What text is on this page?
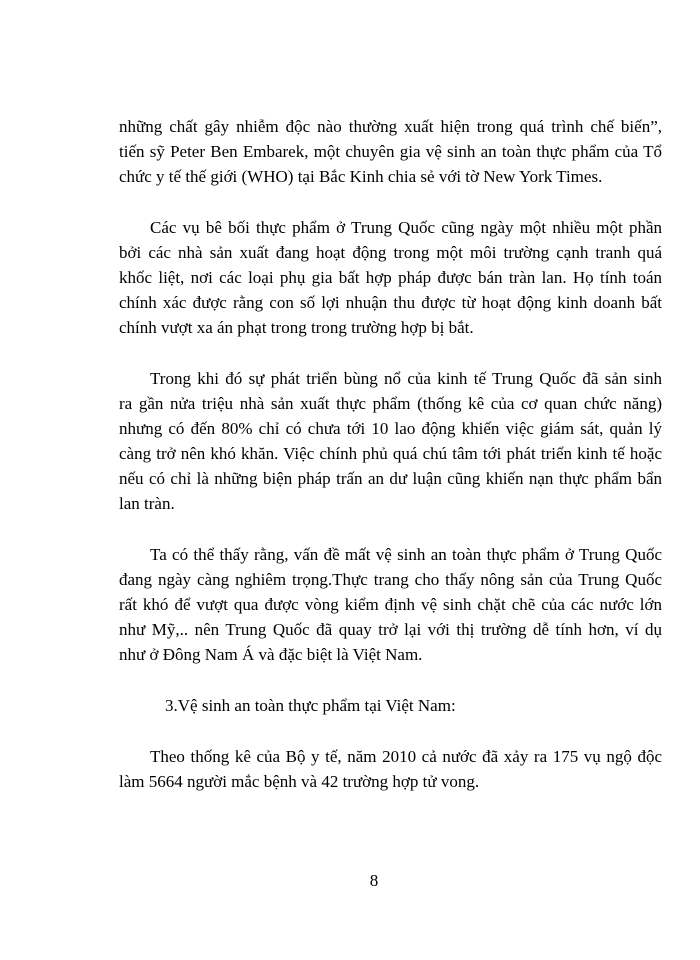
những chất gây nhiễm độc nào thường xuất hiện trong quá trình chế biến”,
tiến sỹ Peter Ben Embarek, một chuyên gia vệ sinh an toàn thực phẩm của Tổ
chức y tế thế giới (WHO) tại Bắc Kinh chia sẻ với tờ New York Times.
Các vụ bê bối thực phẩm ở Trung Quốc cũng ngày một nhiều một phần
bởi các nhà sản xuất đang hoạt động trong một môi trường cạnh tranh quá
khốc liệt, nơi các loại phụ gia bất hợp pháp được bán tràn lan. Họ tính toán
chính xác được rằng con số lợi nhuận thu được từ hoạt động kinh doanh bất
chính vượt xa án phạt trong trong trường hợp bị bắt.
Trong khi đó sự phát triển bùng nổ của kinh tế Trung Quốc đã sản sinh
ra gần nửa triệu nhà sản xuất thực phẩm (thống kê của cơ quan chức năng)
nhưng có đến 80% chỉ có chưa tới 10 lao động khiến việc giám sát, quản lý
càng trở nên khó khăn. Việc chính phủ quá chú tâm tới phát triển kinh tế hoặc
nếu có chỉ là những biện pháp trấn an dư luận cũng khiến nạn thực phẩm bẩn
lan tràn.
Ta có thể thấy rằng, vấn đề mất vệ sinh an toàn thực phẩm ở Trung Quốc
đang ngày càng nghiêm trọng.Thực trang cho thấy nông sản của Trung Quốc
rất khó để vượt qua được vòng kiểm định vệ sinh chặt chẽ của các nước lớn
như Mỹ,.. nên Trung Quốc đã quay trở lại với thị trường dễ tính hơn, ví dụ
như ở Đông Nam Á và đặc biệt là Việt Nam.
3.Vệ sinh an toàn thực phẩm tại Việt Nam:
Theo thống kê của Bộ y tế, năm 2010 cả nước đã xảy ra 175 vụ ngộ độc
làm 5664 người mắc bệnh và 42 trường hợp tử vong.
8
